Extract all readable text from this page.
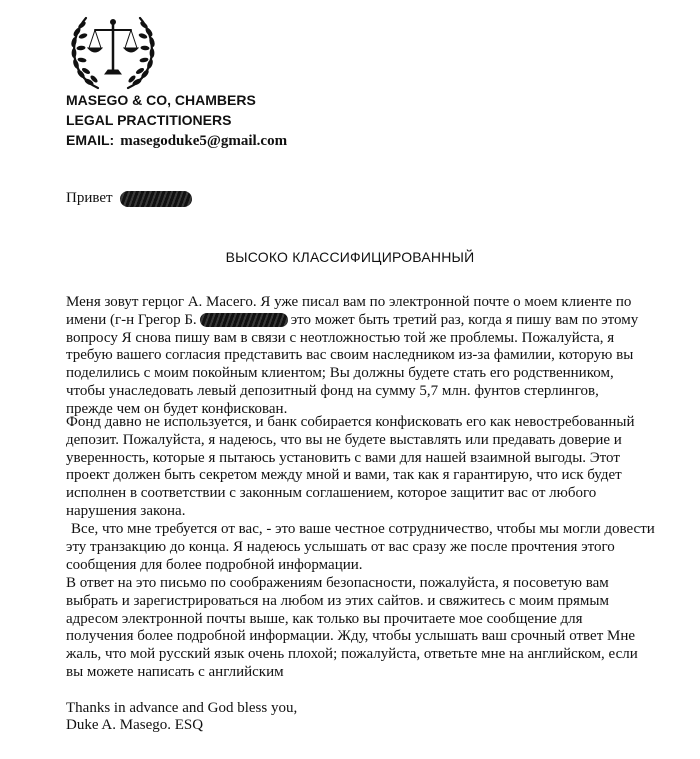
MASEGO & CO, CHAMBERS
LEGAL PRACTITIONERS
EMAIL: masegoduke5@gmail.com
Привет
ВЫСОКО КЛАССИФИЦИРОВАННЫЙ

Меня зовут герцог А. Масего. Я уже писал вам по электронной почте о моем клиенте по
имени (г-н Грегор Б.	это может быть третий раз, когда я пишу вам по этому
вопросу Я снова пишу вам в связи с неотложностью той же проблемы. Пожалуйста, я
требую вашего согласия представить вас своим наследником из-за фамилии, которую вы
поделились с моим покойным клиентом; Вы должны будете стать его родственником,
чтобы унаследовать левый депозитный фонд на сумму 5,7 млн. фунтов стерлингов,
прежде чем он будет конфискован.

Фонд давно не используется, и банк собирается конфисковать его как невостребованный
депозит. Пожалуйста, я надеюсь, что вы не будете выставлять или предавать доверие и
уверенность, которые я пытаюсь установить с вами для нашей взаимной выгоды. Этот
проект должен быть секретом между мной и вами, так как я гарантирую, что иск будет
исполнен в соответствии с законным соглашением, которое защитит вас от любого
нарушения закона.

Все, что мне требуется от вас, - это ваше честное сотрудничество, чтобы мы могли довести
эту транзакцию до конца. Я надеюсь услышать от вас сразу же после прочтения этого
сообщения для более подробной информации.

В ответ на это письмо по соображениям безопасности, пожалуйста, я посоветую вам
выбрать и зарегистрироваться на любом из этих сайтов. и свяжитесь с моим прямым
адресом электронной почты выше, как только вы прочитаете мое сообщение для
получения более подробной информации. Жду, чтобы услышать ваш срочный ответ Мне
жаль, что мой русский язык очень плохой; пожалуйста, ответьте мне на английском, если
вы можете написать с английским

Thanks in advance and God bless you,
Duke A. Masego. ESQ
